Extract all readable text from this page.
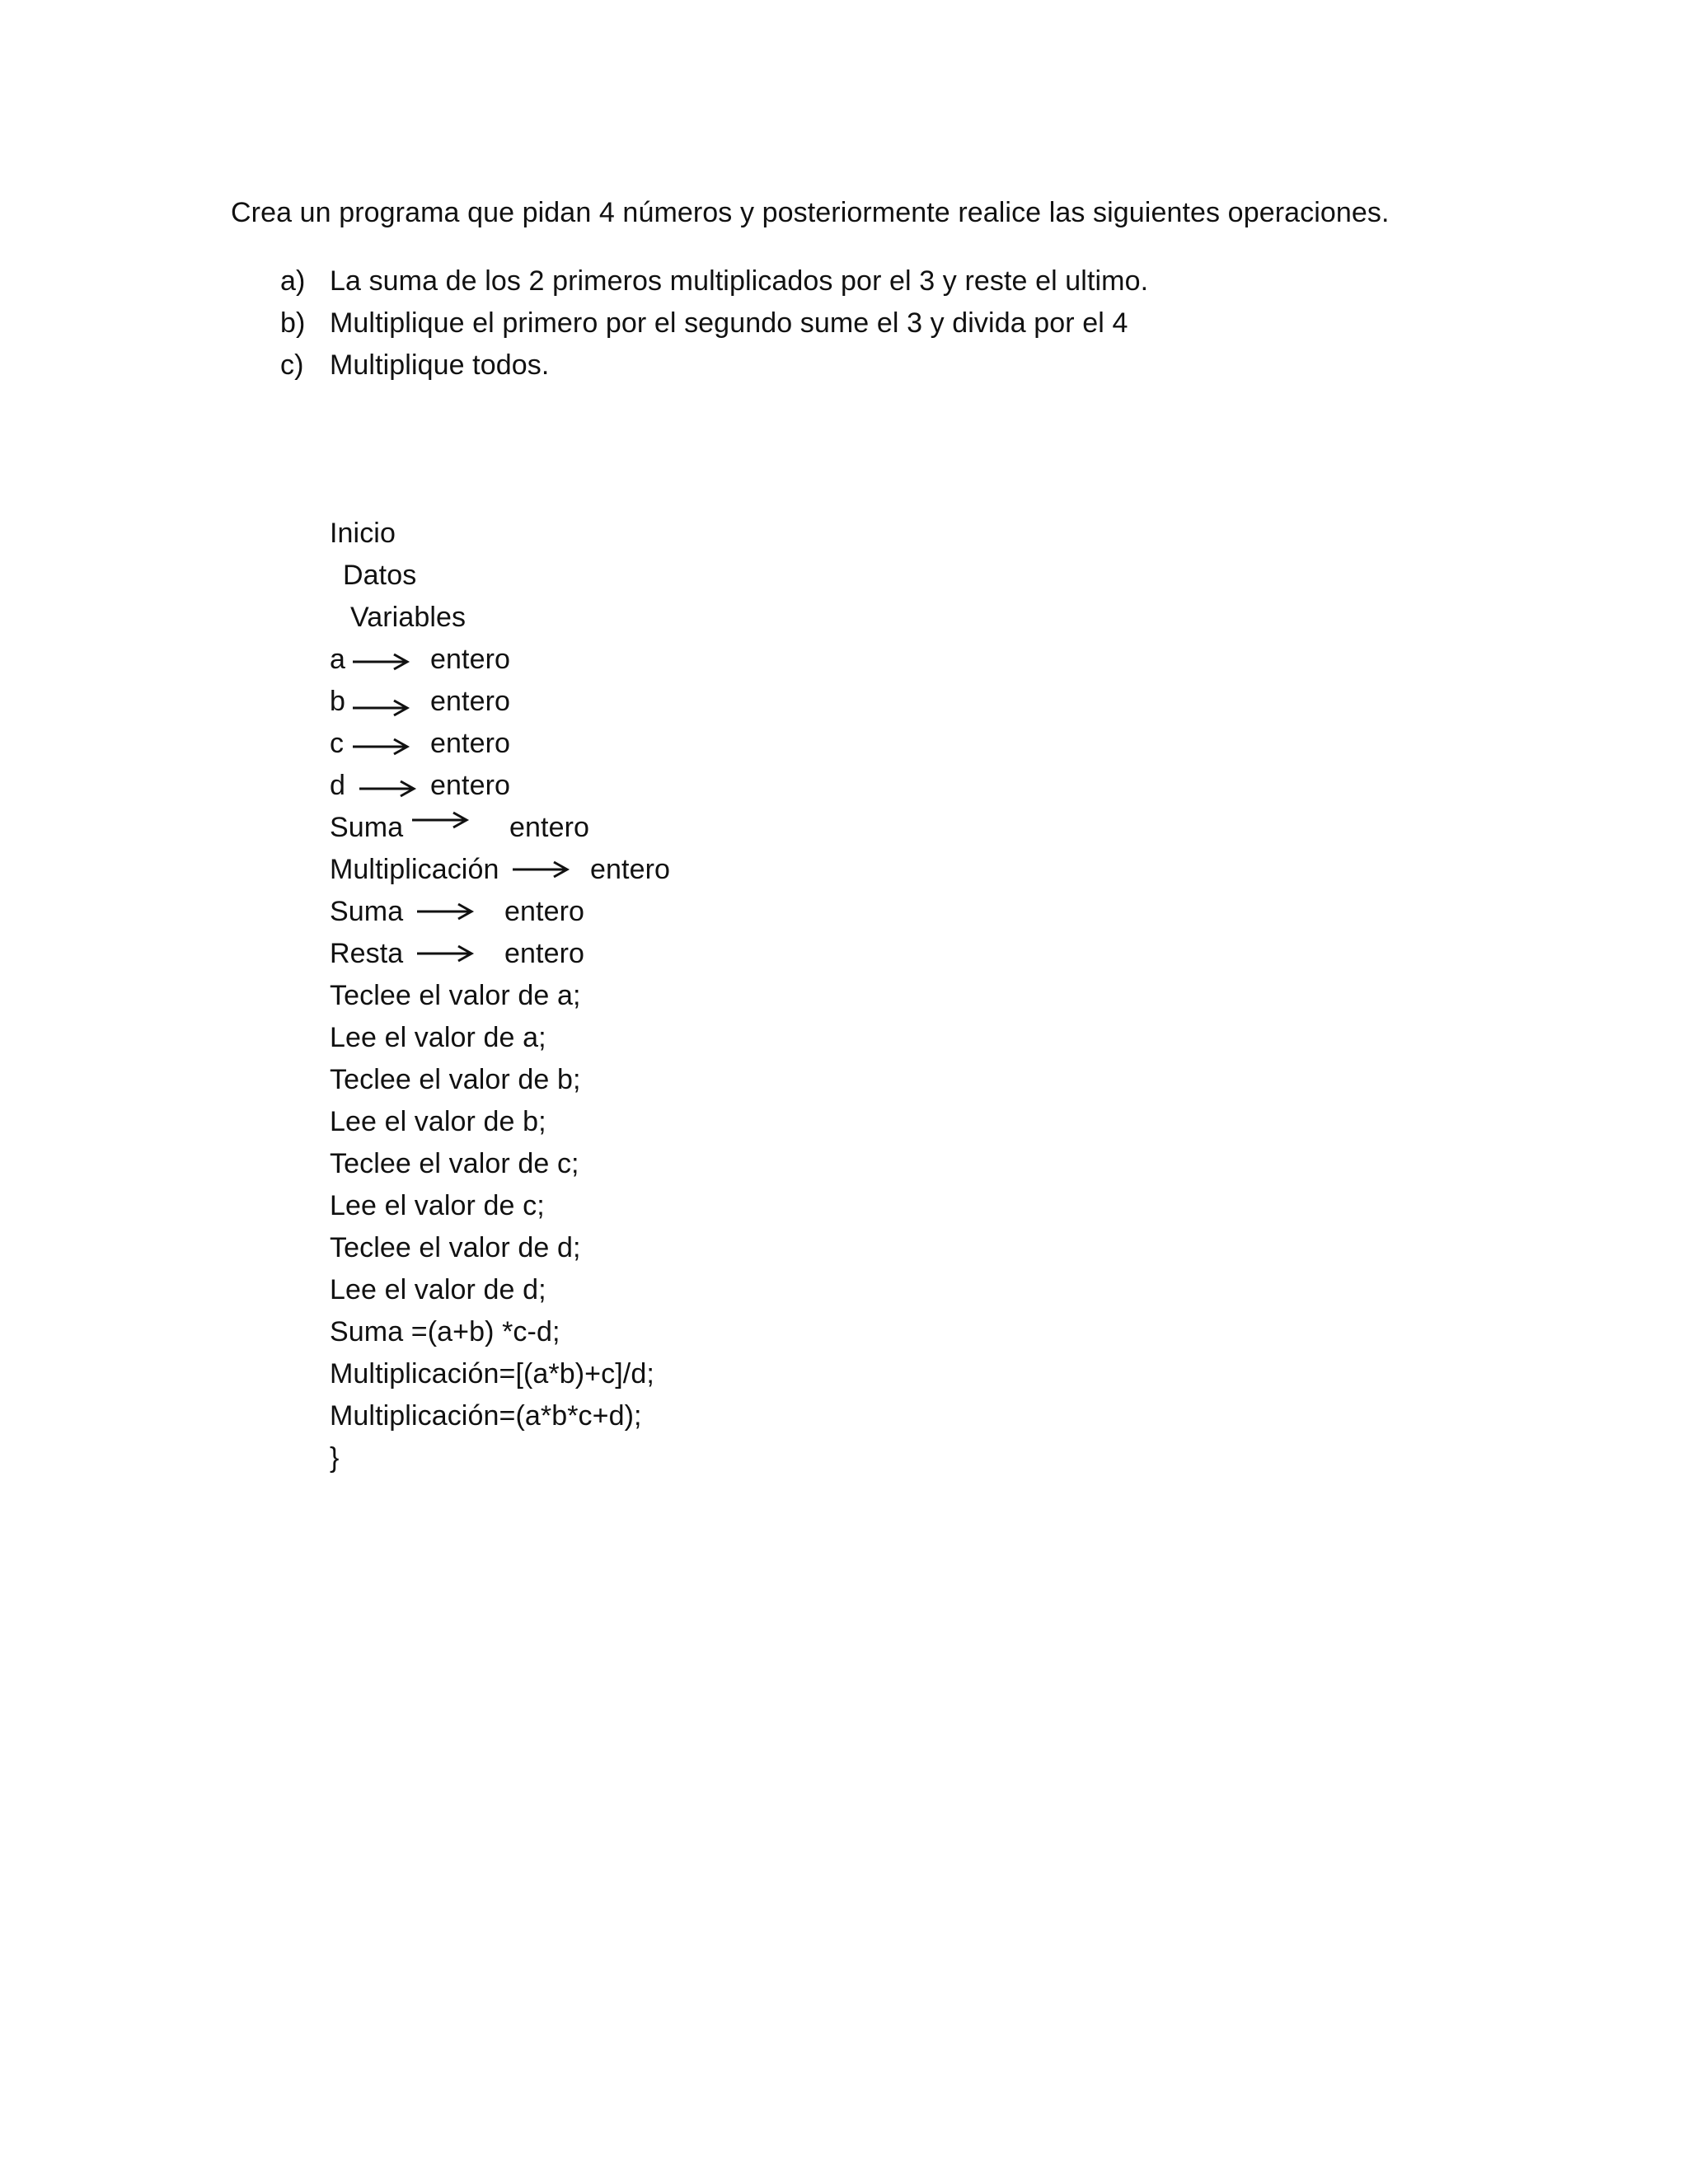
Crea un programa que pidan 4 números y posteriormente realice las siguientes operaciones.
a) La suma de los 2 primeros multiplicados por el 3 y reste el ultimo.
b) Multiplique el primero por el segundo sume el 3 y divida por el 4
c) Multiplique todos.
Inicio
Datos
Variables
a	entero
b	entero
c	entero
d	entero
Suma	entero
Multiplicación	entero
Suma	entero
Resta	entero
Teclee el valor de a;
Lee el valor de a;
Teclee el valor de b;
Lee el valor de b;
Teclee el valor de c;
Lee el valor de c;
Teclee el valor de d;
Lee el valor de d;
Suma =(a+b) *c-d;
Multiplicación=[(a*b)+c]/d;
Multiplicación=(a*b*c+d);
}
